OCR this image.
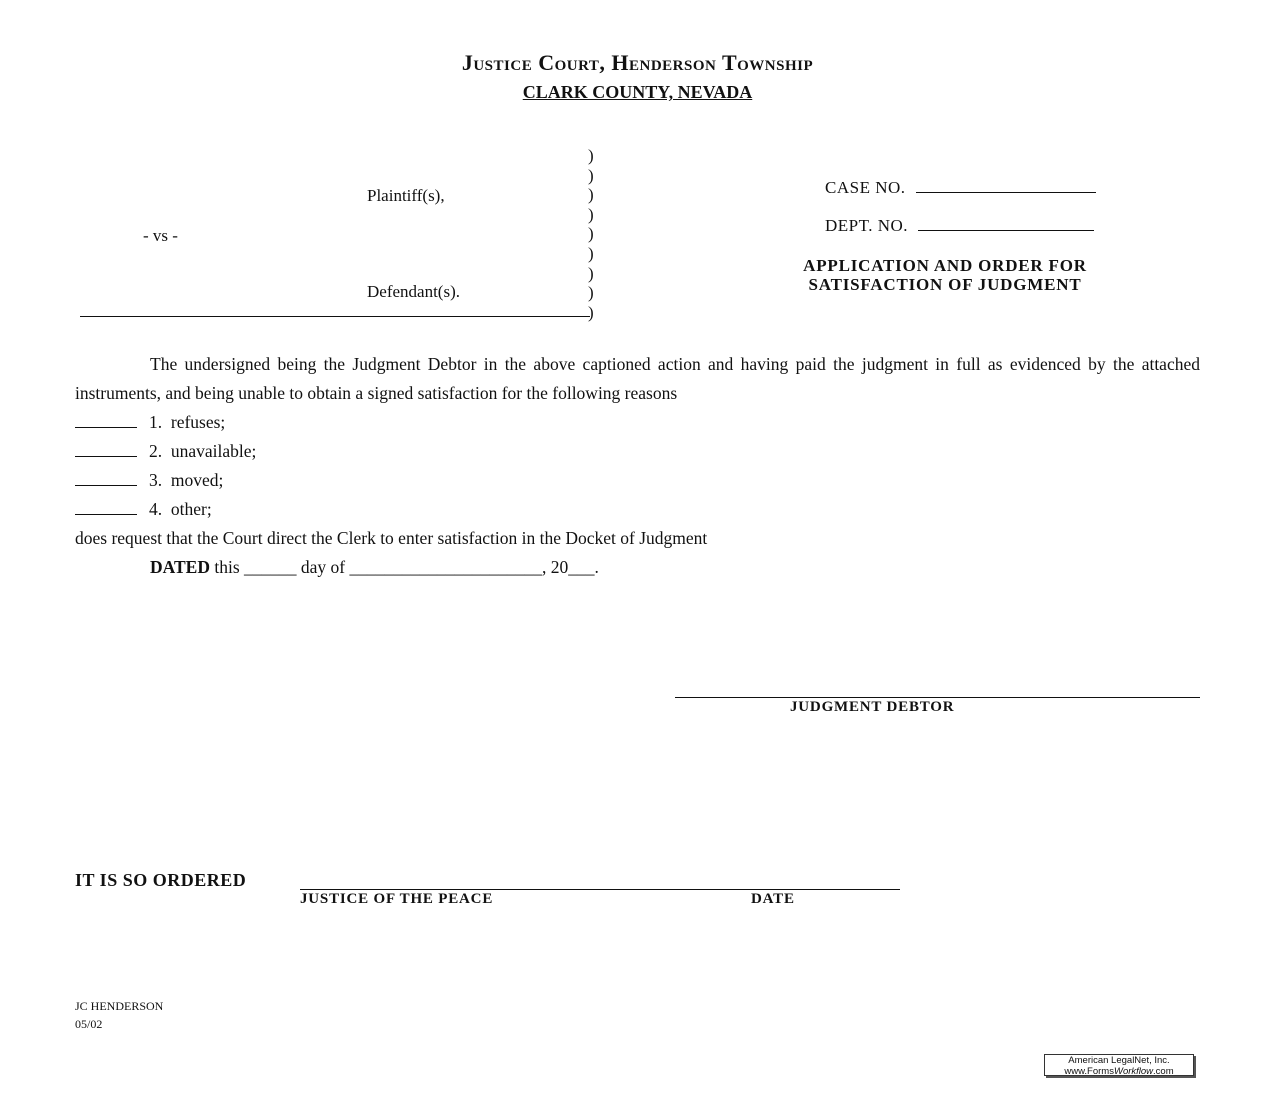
Justice Court, Henderson Township
CLARK COUNTY, NEVADA
Plaintiff(s),
- vs -
Defendant(s).
)
)
)
)
)
)
)
)
)
CASE NO.
DEPT. NO.
APPLICATION AND ORDER FOR
SATISFACTION OF JUDGMENT
The undersigned being the Judgment Debtor in the above captioned action and having paid the judgment in full as evidenced by the attached instruments, and being unable to obtain a signed satisfaction for the following reasons
1. refuses;
2. unavailable;
3. moved;
4. other;
does request that the Court direct the Clerk to enter satisfaction in the Docket of Judgment
DATED this ______ day of ______________________, 20___.
JUDGMENT DEBTOR
IT IS SO ORDERED
JUSTICE OF THE PEACE	DATE
JC HENDERSON
05/02
American LegalNet, Inc.
www.FormsWorkflow.com
